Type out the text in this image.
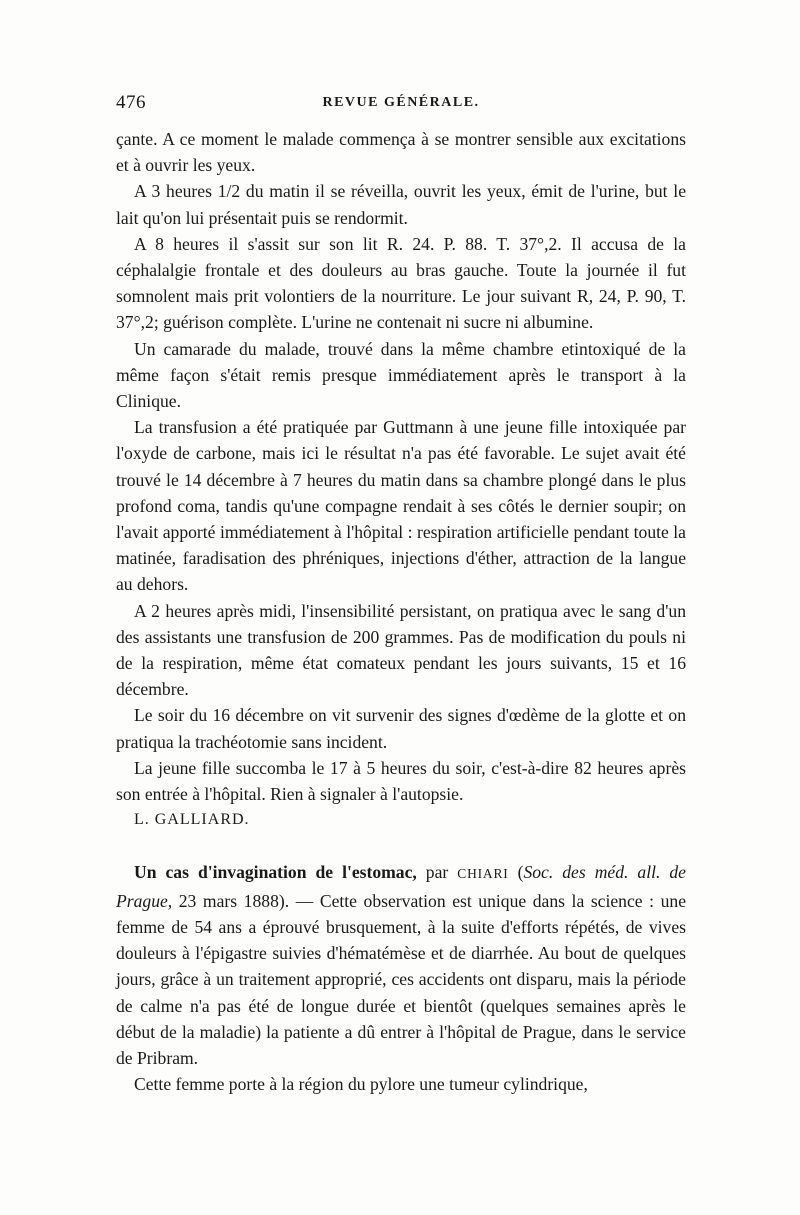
476	REVUE GÉNÉRALE.

çante. A ce moment le malade commença à se montrer sensible aux excitations et à ouvrir les yeux.

A 3 heures 1/2 du matin il se réveilla, ouvrit les yeux, émit de l'urine, but le lait qu'on lui présentait puis se rendormit.

A 8 heures il s'assit sur son lit R. 24. P. 88. T. 37°,2. Il accusa de la céphalalgie frontale et des douleurs au bras gauche. Toute la journée il fut somnolent mais prit volontiers de la nourriture. Le jour suivant R, 24, P. 90, T. 37°,2; guérison complète. L'urine ne contenait ni sucre ni albumine.

Un camarade du malade, trouvé dans la même chambre etintoxiqué de la même façon s'était remis presque immédiatement après le transport à la Clinique.

La transfusion a été pratiquée par Guttmann à une jeune fille intoxiquée par l'oxyde de carbone, mais ici le résultat n'a pas été favorable. Le sujet avait été trouvé le 14 décembre à 7 heures du matin dans sa chambre plongé dans le plus profond coma, tandis qu'une compagne rendait à ses côtés le dernier soupir; on l'avait apporté immédiatement à l'hôpital : respiration artificielle pendant toute la matinée, faradisation des phréniques, injections d'éther, attraction de la langue au dehors.

A 2 heures après midi, l'insensibilité persistant, on pratiqua avec le sang d'un des assistants une transfusion de 200 grammes. Pas de modification du pouls ni de la respiration, même état comateux pendant les jours suivants, 15 et 16 décembre.

Le soir du 16 décembre on vit survenir des signes d'œdème de la glotte et on pratiqua la trachéotomie sans incident.

La jeune fille succomba le 17 à 5 heures du soir, c'est-à-dire 82 heures après son entrée à l'hôpital. Rien à signaler à l'autopsie.

L. GALLIARD.

Un cas d'invagination de l'estomac, par CHIARI (Soc. des méd. all. de Prague, 23 mars 1888). — Cette observation est unique dans la science : une femme de 54 ans a éprouvé brusquement, à la suite d'efforts répétés, de vives douleurs à l'épigastre suivies d'hématémèse et de diarrhée. Au bout de quelques jours, grâce à un traitement approprié, ces accidents ont disparu, mais la période de calme n'a pas été de longue durée et bientôt (quelques semaines après le début de la maladie) la patiente a dû entrer à l'hôpital de Prague, dans le service de Pribram.

Cette femme porte à la région du pylore une tumeur cylindrique,
